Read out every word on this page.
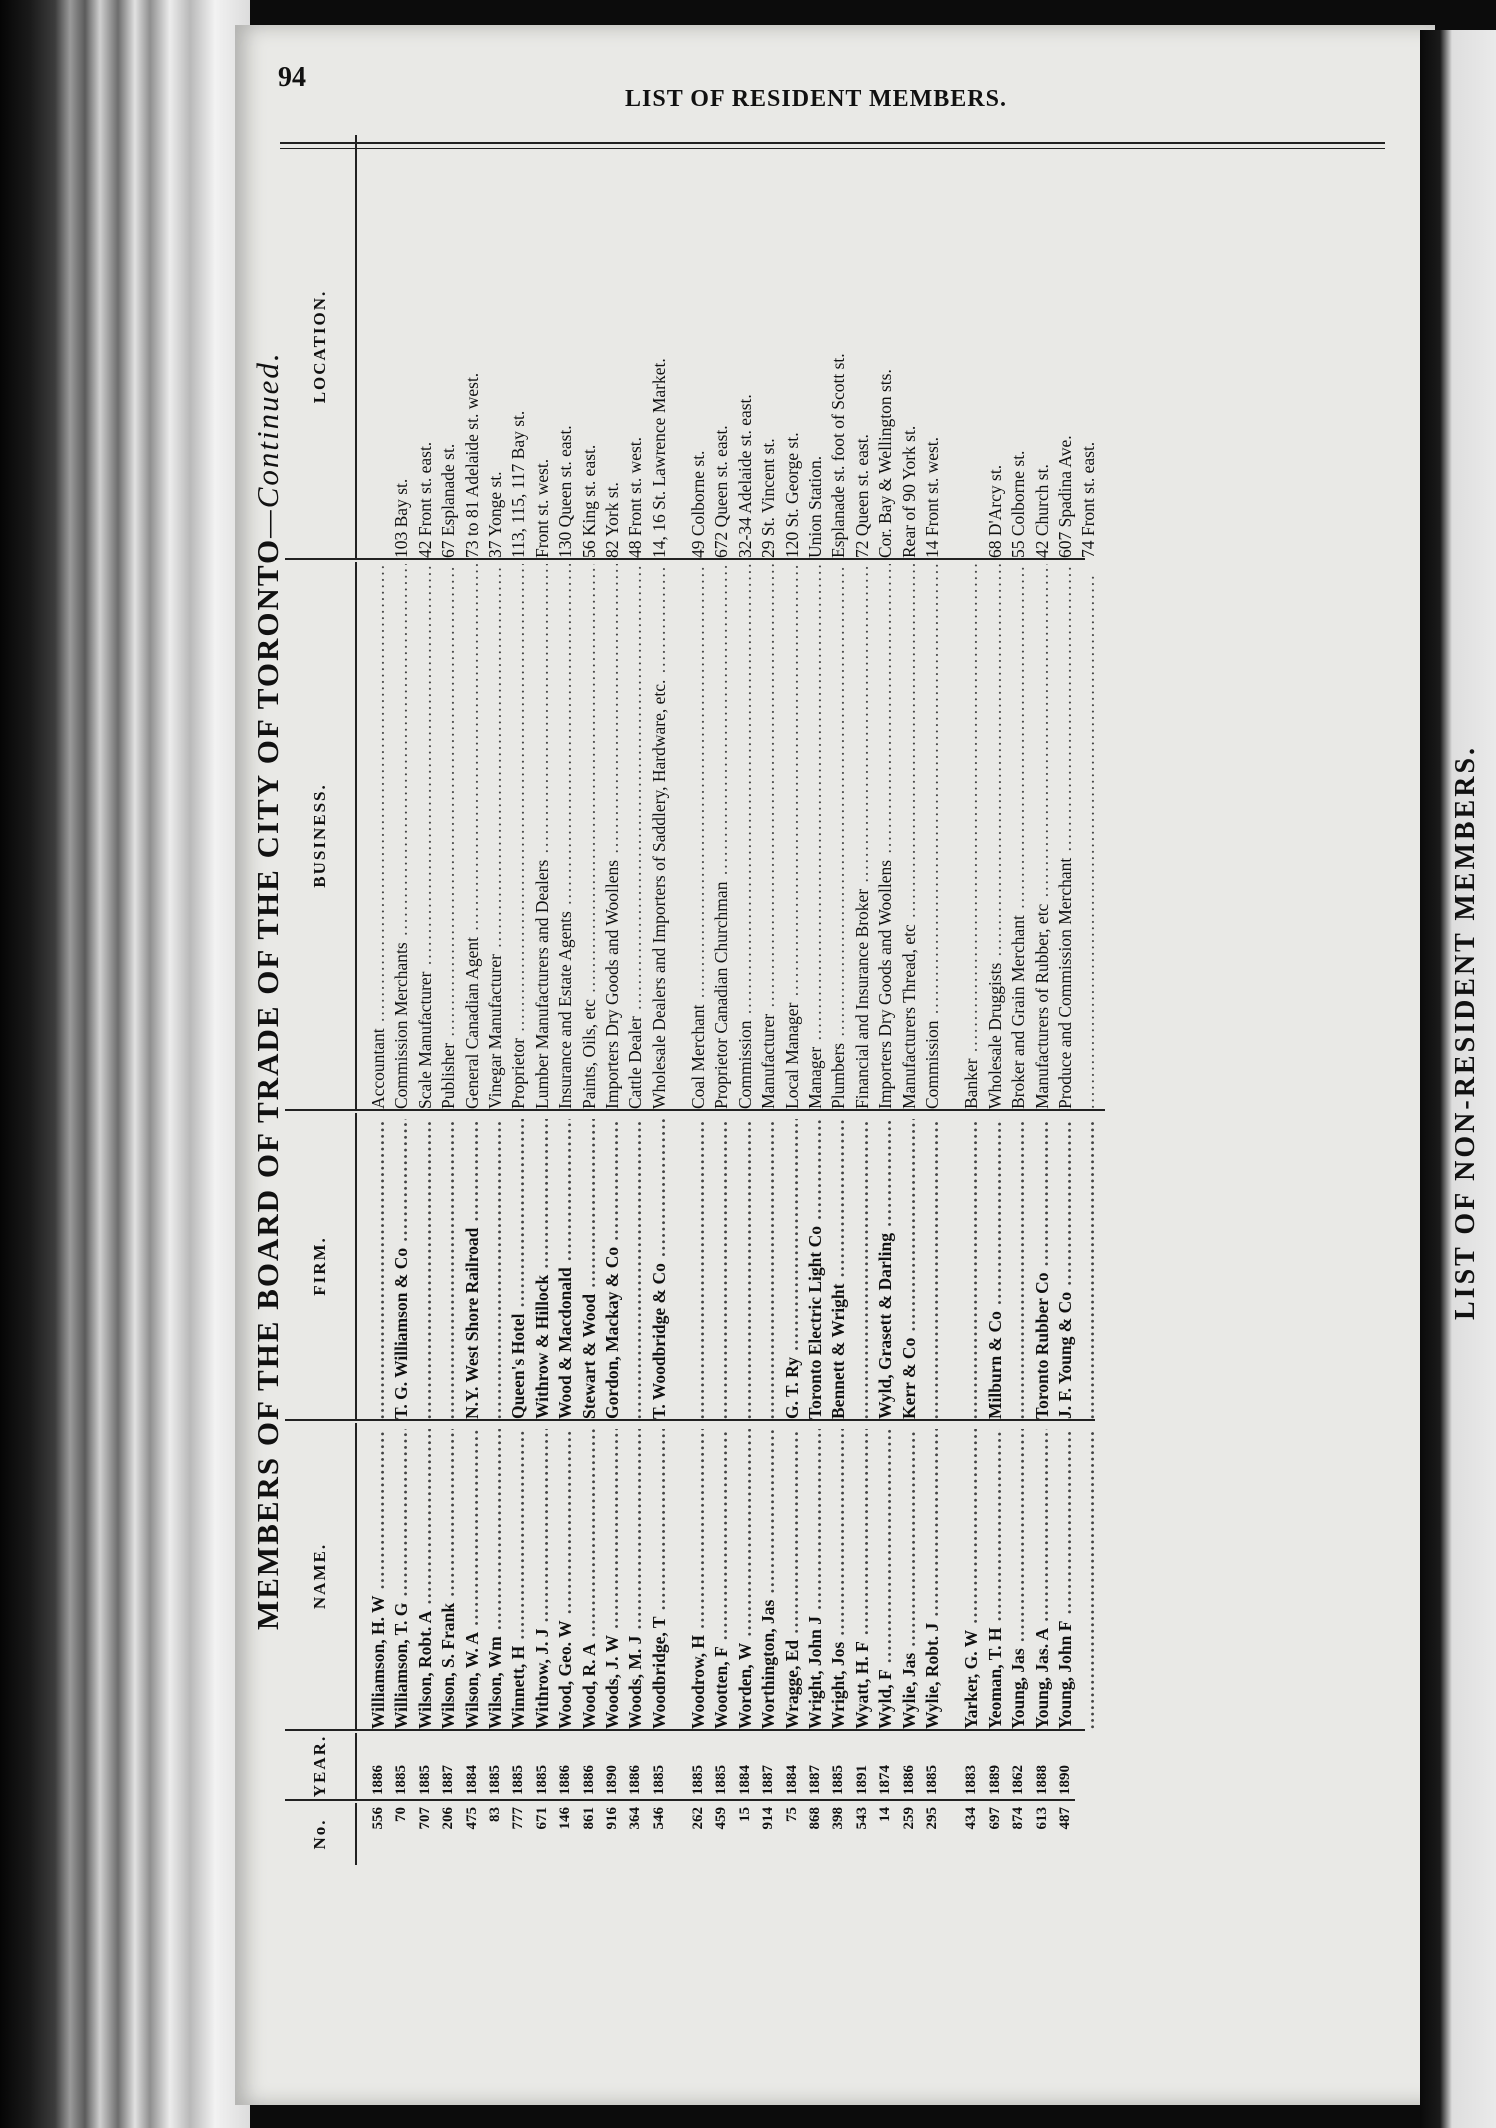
94
LIST OF RESIDENT MEMBERS.
MEMBERS OF THE BOARD OF TRADE OF THE CITY OF TORONTO—Continued.
LIST OF NON-RESIDENT MEMBERS.
No.
YEAR.
NAME.
FIRM.
BUSINESS.
LOCATION.
556
1886
Williamson, H. W .....
.....
Accountant .....
70
1885
Williamson, T. G .....
T. G. Williamson & Co .....
Commission Merchants .....
103 Bay st.
707
1885
Wilson, Robt. A .....
.....
Scale Manufacturer .....
42 Front st. east.
206
1887
Wilson, S. Frank .....
.....
Publisher .....
67 Esplanade st.
475
1884
Wilson, W. A .....
N.Y. West Shore Railroad .....
General Canadian Agent .....
73 to 81 Adelaide st. west.
83
1885
Wilson, Wm .....
.....
Vinegar Manufacturer .....
37 Yonge st.
777
1885
Winnett, H .....
Queen's Hotel .....
Proprietor .....
113, 115, 117 Bay st.
671
1885
Withrow, J. J .....
Withrow & Hillock .....
Lumber Manufacturers and Dealers .....
Front st. west.
146
1886
Wood, Geo. W .....
Wood & Macdonald .....
Insurance and Estate Agents .....
130 Queen st. east.
861
1886
Wood, R. A .....
Stewart & Wood .....
Paints, Oils, etc .....
56 King st. east.
916
1890
Woods, J. W .....
Gordon, Mackay & Co .....
Importers Dry Goods and Woollens .....
82 York st.
364
1886
Woods, M. J .....
.....
Cattle Dealer .....
48 Front st. west.
546
1885
Woodbridge, T .....
T. Woodbridge & Co .....
Wholesale Dealers and Importers of Saddlery, Hardware, etc. .....
14, 16 St. Lawrence Market.
262
1885
Woodrow, H .....
.....
Coal Merchant .....
49 Colborne st.
459
1885
Wootten, F .....
.....
Proprietor Canadian Churchman .....
672 Queen st. east.
15
1884
Worden, W .....
.....
Commission .....
32-34 Adelaide st. east.
914
1887
Worthington, Jas .....
.....
Manufacturer .....
29 St. Vincent st.
75
1884
Wragge, Ed .....
G. T. Ry .....
Local Manager .....
120 St. George st.
868
1887
Wright, John J .....
Toronto Electric Light Co .....
Manager .....
Union Station.
398
1885
Wright, Jos .....
Bennett & Wright .....
Plumbers .....
Esplanade st. foot of Scott st.
543
1891
Wyatt, H. F .....
.....
Financial and Insurance Broker .....
72 Queen st. east.
14
1874
Wyld, F .....
Wyld, Grasett & Darling .....
Importers Dry Goods and Woollens .....
Cor. Bay & Wellington sts.
259
1886
Wylie, Jas .....
Kerr & Co .....
Manufacturers Thread, etc .....
Rear of 90 York st.
295
1885
Wylie, Robt. J .....
.....
Commission .....
14 Front st. west.
434
1883
Yarker, G. W .....
.....
Banker .....
697
1889
Yeoman, T. H .....
Milburn & Co .....
Wholesale Druggists .....
68 D'Arcy st.
874
1862
Young, Jas .....
.....
Broker and Grain Merchant .....
55 Colborne st.
613
1888
Young, Jas. A .....
Toronto Rubber Co .....
Manufacturers of Rubber, etc .....
42 Church st.
487
1890
Young, John F .....
J. F. Young & Co .....
Produce and Commission Merchant .....
607 Spadina Ave.
.....
.....
..... 74 Front st. east.
